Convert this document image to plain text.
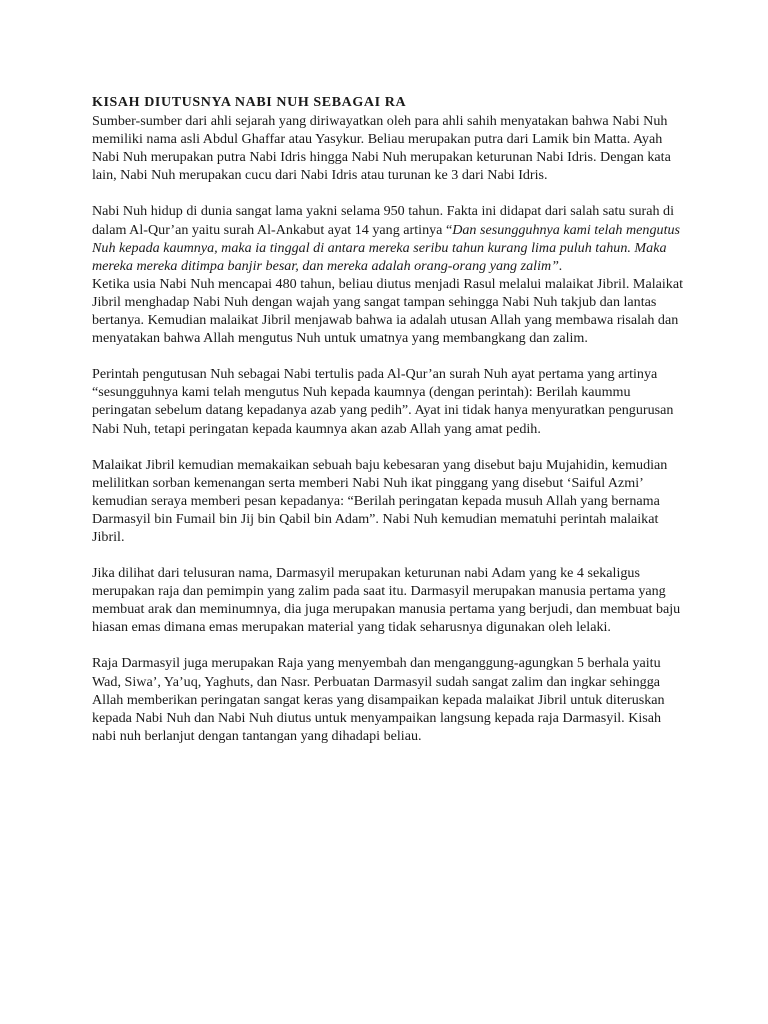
KISAH DIUTUSNYA NABI NUH SEBAGAI RA

Sumber-sumber dari ahli sejarah yang diriwayatkan oleh para ahli sahih menyatakan bahwa Nabi Nuh memiliki nama asli Abdul Ghaffar atau Yasykur. Beliau merupakan putra dari Lamik bin Matta. Ayah Nabi Nuh merupakan putra Nabi Idris hingga Nabi Nuh merupakan keturunan Nabi Idris. Dengan kata lain, Nabi Nuh merupakan cucu dari Nabi Idris atau turunan ke 3 dari Nabi Idris.

Nabi Nuh hidup di dunia sangat lama yakni selama 950 tahun. Fakta ini didapat dari salah satu surah di dalam Al-Qur’an yaitu surah Al-Ankabut ayat 14 yang artinya “Dan sesungguhnya kami telah mengutus Nuh kepada kaumnya, maka ia tinggal di antara mereka seribu tahun kurang lima puluh tahun. Maka mereka mereka ditimpa banjir besar, dan mereka adalah orang-orang yang zalim”.

Ketika usia Nabi Nuh mencapai 480 tahun, beliau diutus menjadi Rasul melalui malaikat Jibril. Malaikat Jibril menghadap Nabi Nuh dengan wajah yang sangat tampan sehingga Nabi Nuh takjub dan lantas bertanya. Kemudian malaikat Jibril menjawab bahwa ia adalah utusan Allah yang membawa risalah dan menyatakan bahwa Allah mengutus Nuh untuk umatnya yang membangkang dan zalim.

Perintah pengutusan Nuh sebagai Nabi tertulis pada Al-Qur’an surah Nuh ayat pertama yang artinya “sesungguhnya kami telah mengutus Nuh kepada kaumnya (dengan perintah): Berilah kaummu peringatan sebelum datang kepadanya azab yang pedih”. Ayat ini tidak hanya menyuratkan pengurusan Nabi Nuh, tetapi peringatan kepada kaumnya akan azab Allah yang amat pedih.

Malaikat Jibril kemudian memakaikan sebuah baju kebesaran yang disebut baju Mujahidin, kemudian melilitkan sorban kemenangan serta memberi Nabi Nuh ikat pinggang yang disebut ‘Saiful Azmi’ kemudian seraya memberi pesan kepadanya: “Berilah peringatan kepada musuh Allah yang bernama Darmasyil bin Fumail bin Jij bin Qabil bin Adam”. Nabi Nuh kemudian mematuhi perintah malaikat Jibril.

Jika dilihat dari telusuran nama, Darmasyil merupakan keturunan nabi Adam yang ke 4 sekaligus merupakan raja dan pemimpin yang zalim pada saat itu. Darmasyil merupakan manusia pertama yang membuat arak dan meminumnya, dia juga merupakan manusia pertama yang berjudi, dan membuat baju hiasan emas dimana emas merupakan material yang tidak seharusnya digunakan oleh lelaki.

Raja Darmasyil juga merupakan Raja yang menyembah dan menganggung-agungkan 5 berhala yaitu Wad, Siwa’, Ya’uq, Yaghuts, dan Nasr. Perbuatan Darmasyil sudah sangat zalim dan ingkar sehingga Allah memberikan peringatan sangat keras yang disampaikan kepada malaikat Jibril untuk diteruskan kepada Nabi Nuh dan Nabi Nuh diutus untuk menyampaikan langsung kepada raja Darmasyil. Kisah nabi nuh berlanjut dengan tantangan yang dihadapi beliau.
